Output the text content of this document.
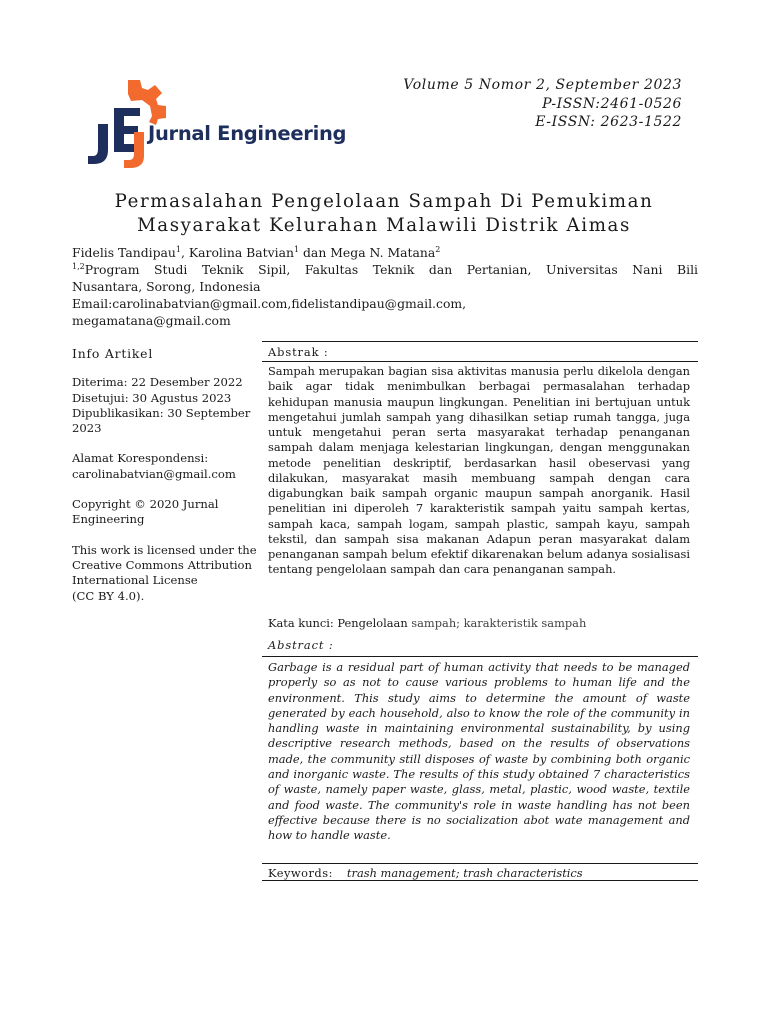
Jurnal Engineering
Volume 5 Nomor 2, September 2023
P-ISSN:2461-0526
E-ISSN: 2623-1522
Permasalahan Pengelolaan Sampah Di Pemukiman
Masyarakat Kelurahan Malawili Distrik Aimas
Fidelis Tandipau$^1$, Karolina Batvian$^1$ dan Mega N. Matana$^2$
$^{1,2}$Program Studi Teknik Sipil, Fakultas Teknik dan Pertanian, Universitas Nani Bili
Nusantara, Sorong, Indonesia
Email:carolinabatvian@gmail.com,fidelistandipau@gmail.com,
megamatana@gmail.com
Info Artikel

Diterima: 22 Desember 2022

Disetujui: 30 Agustus 2023

Dipublikasikan: 30 September 2023

Alamat Korespondensi:
carolinabatvian@gmail.com

Copyright © 2020 Jurnal Engineering

This work is licensed under the Creative Commons Attribution
International License
(CC BY 4.0).

Abstrak :
Sampah merupakan bagian sisa aktivitas manusia perlu dikelola dengan baik agar tidak menimbulkan berbagai permasalahan terhadap kehidupan manusia maupun lingkungan. Penelitian ini bertujuan untuk mengetahui jumlah sampah yang dihasilkan setiap rumah tangga, juga untuk mengetahui peran serta masyarakat terhadap penanganan sampah dalam menjaga kelestarian lingkungan, dengan menggunakan metode penelitian deskriptif, berdasarkan hasil obeservasi yang dilakukan, masyarakat masih membuang sampah dengan cara digabungkan baik sampah organic maupun sampah anorganik. Hasil penelitian ini diperoleh 7 karakteristik sampah yaitu sampah kertas, sampah kaca, sampah logam, sampah plastic, sampah kayu, sampah tekstil, dan sampah sisa makanan Adapun peran masyarakat dalam penanganan sampah belum efektif dikarenakan belum adanya sosialisasi tentang pengelolaan sampah dan cara penanganan sampah.
Kata kunci: Pengelolaan sampah; karakteristik sampah
Abstract :
Garbage is a residual part of human activity that needs to be managed properly so as not to cause various problems to human life and the environment. This study aims to determine the amount of waste generated by each household, also to know the role of the community in handling waste in maintaining environmental sustainability, by using descriptive research methods, based on the results of observations made, the community still disposes of waste by combining both organic and inorganic waste. The results of this study obtained 7 characteristics of waste, namely paper waste, glass, metal, plastic, wood waste, textile and food waste. The community's role in waste handling has not been effective because there is no socialization abot wate management and how to handle waste.
Keywords: trash management; trash characteristics
